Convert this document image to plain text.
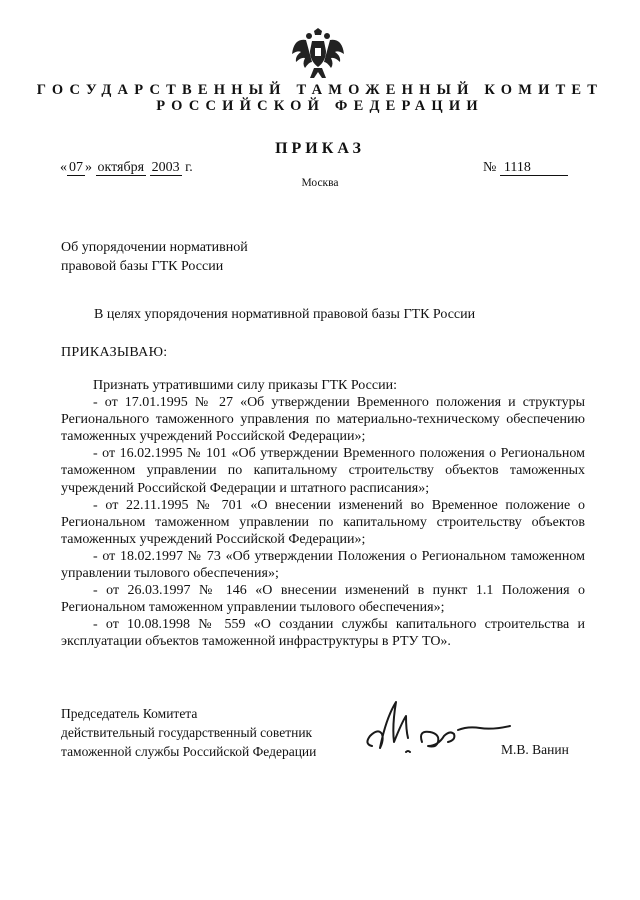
ГОСУДАРСТВЕННЫЙ ТАМОЖЕННЫЙ КОМИТЕТ
РОССИЙСКОЙ ФЕДЕРАЦИИ
ПРИКАЗ
« 07 » октября 2003 г.	№ 1118
Москва
Об упорядочении нормативной
правовой базы ГТК России
В целях упорядочения нормативной правовой базы ГТК России
ПРИКАЗЫВАЮ:

Признать утратившими силу приказы ГТК России:

- от 17.01.1995 № 27 «Об утверждении Временного положения и структуры Регионального таможенного управления по материально-техническому обеспечению таможенных учреждений Российской Федерации»;

- от 16.02.1995 № 101 «Об утверждении Временного положения о Региональном таможенном управлении по капитальному строительству объектов таможенных учреждений Российской Федерации и штатного расписания»;

- от 22.11.1995 № 701 «О внесении изменений во Временное положение о Региональном таможенном управлении по капитальному строительству объектов таможенных учреждений Российской Федерации»;

- от 18.02.1997 № 73 «Об утверждении Положения о Региональном таможенном управлении тылового обеспечения»;

- от 26.03.1997 № 146 «О внесении изменений в пункт 1.1 Положения о Региональном таможенном управлении тылового обеспечения»;

- от 10.08.1998 № 559 «О создании службы капитального строительства и эксплуатации объектов таможенной инфраструктуры в РТУ ТО».

Председатель Комитета
действительный государственный советник
таможенной службы Российской Федерации	М.В. Ванин
